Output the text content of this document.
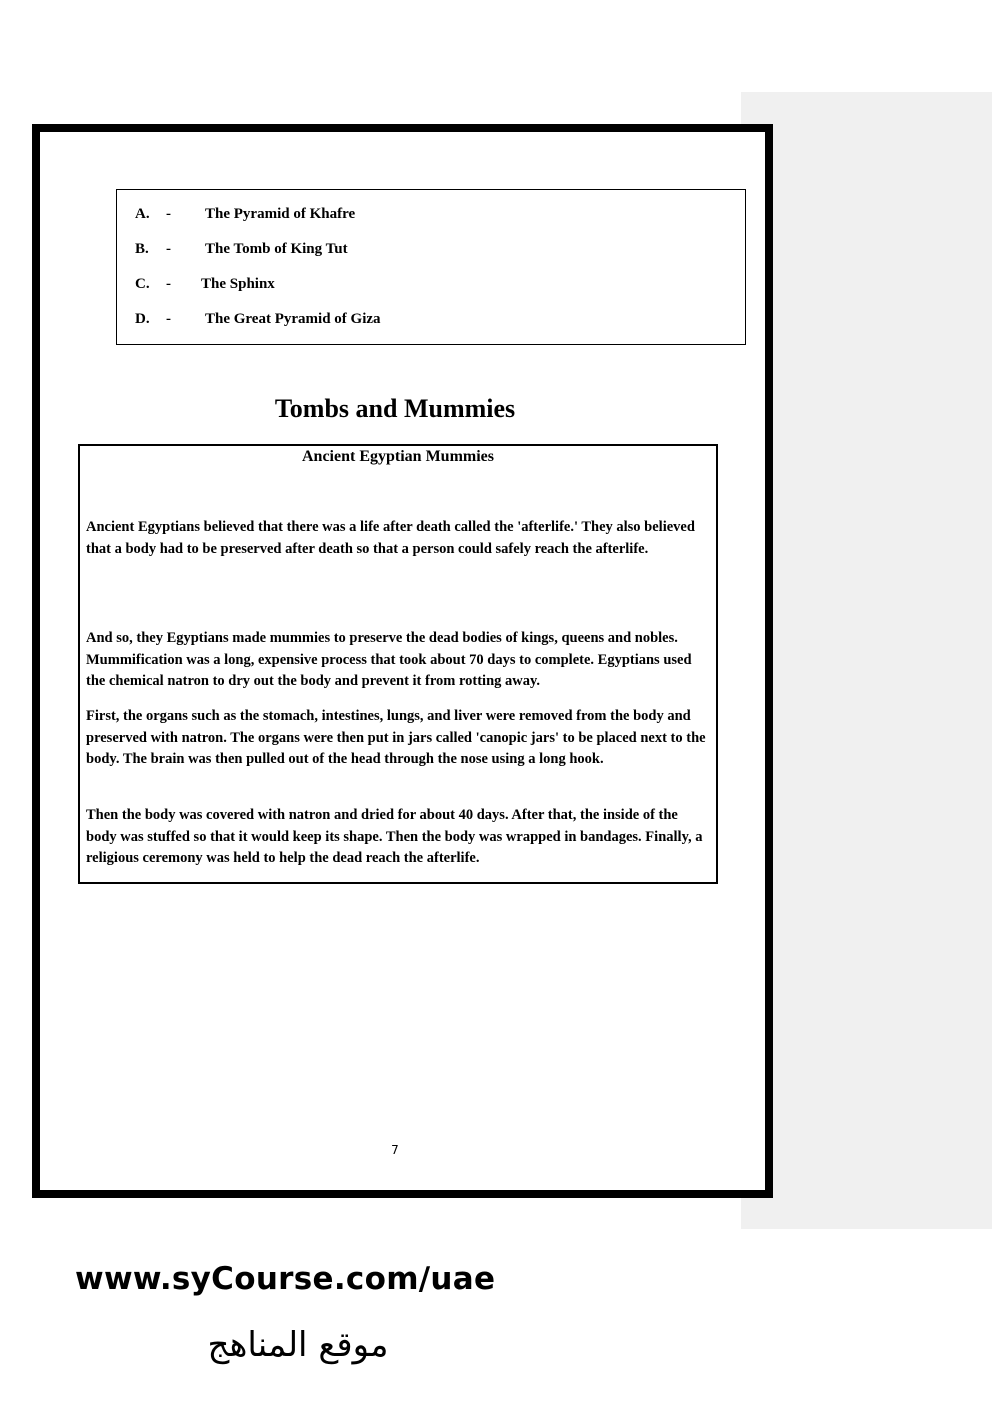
A. - The Pyramid of Khafre
B. - The Tomb of King Tut
C. - The Sphinx
D. - The Great Pyramid of Giza
Tombs and Mummies
Ancient Egyptian Mummies

Ancient Egyptians believed that there was a life after death called the 'afterlife.' They also believed that a body had to be preserved after death so that a person could safely reach the afterlife.

And so, they Egyptians made mummies to preserve the dead bodies of kings, queens and nobles. Mummification was a long, expensive process that took about 70 days to complete. Egyptians used the chemical natron to dry out the body and prevent it from rotting away.

First, the organs such as the stomach, intestines, lungs, and liver were removed from the body and preserved with natron. The organs were then put in jars called 'canopic jars' to be placed next to the body. The brain was then pulled out of the head through the nose using a long hook.

Then the body was covered with natron and dried for about 40 days. After that, the inside of the body was stuffed so that it would keep its shape. Then the body was wrapped in bandages. Finally, a religious ceremony was held to help the dead reach the afterlife.

7
www.syCourse.com/uae
موقع المناهج
